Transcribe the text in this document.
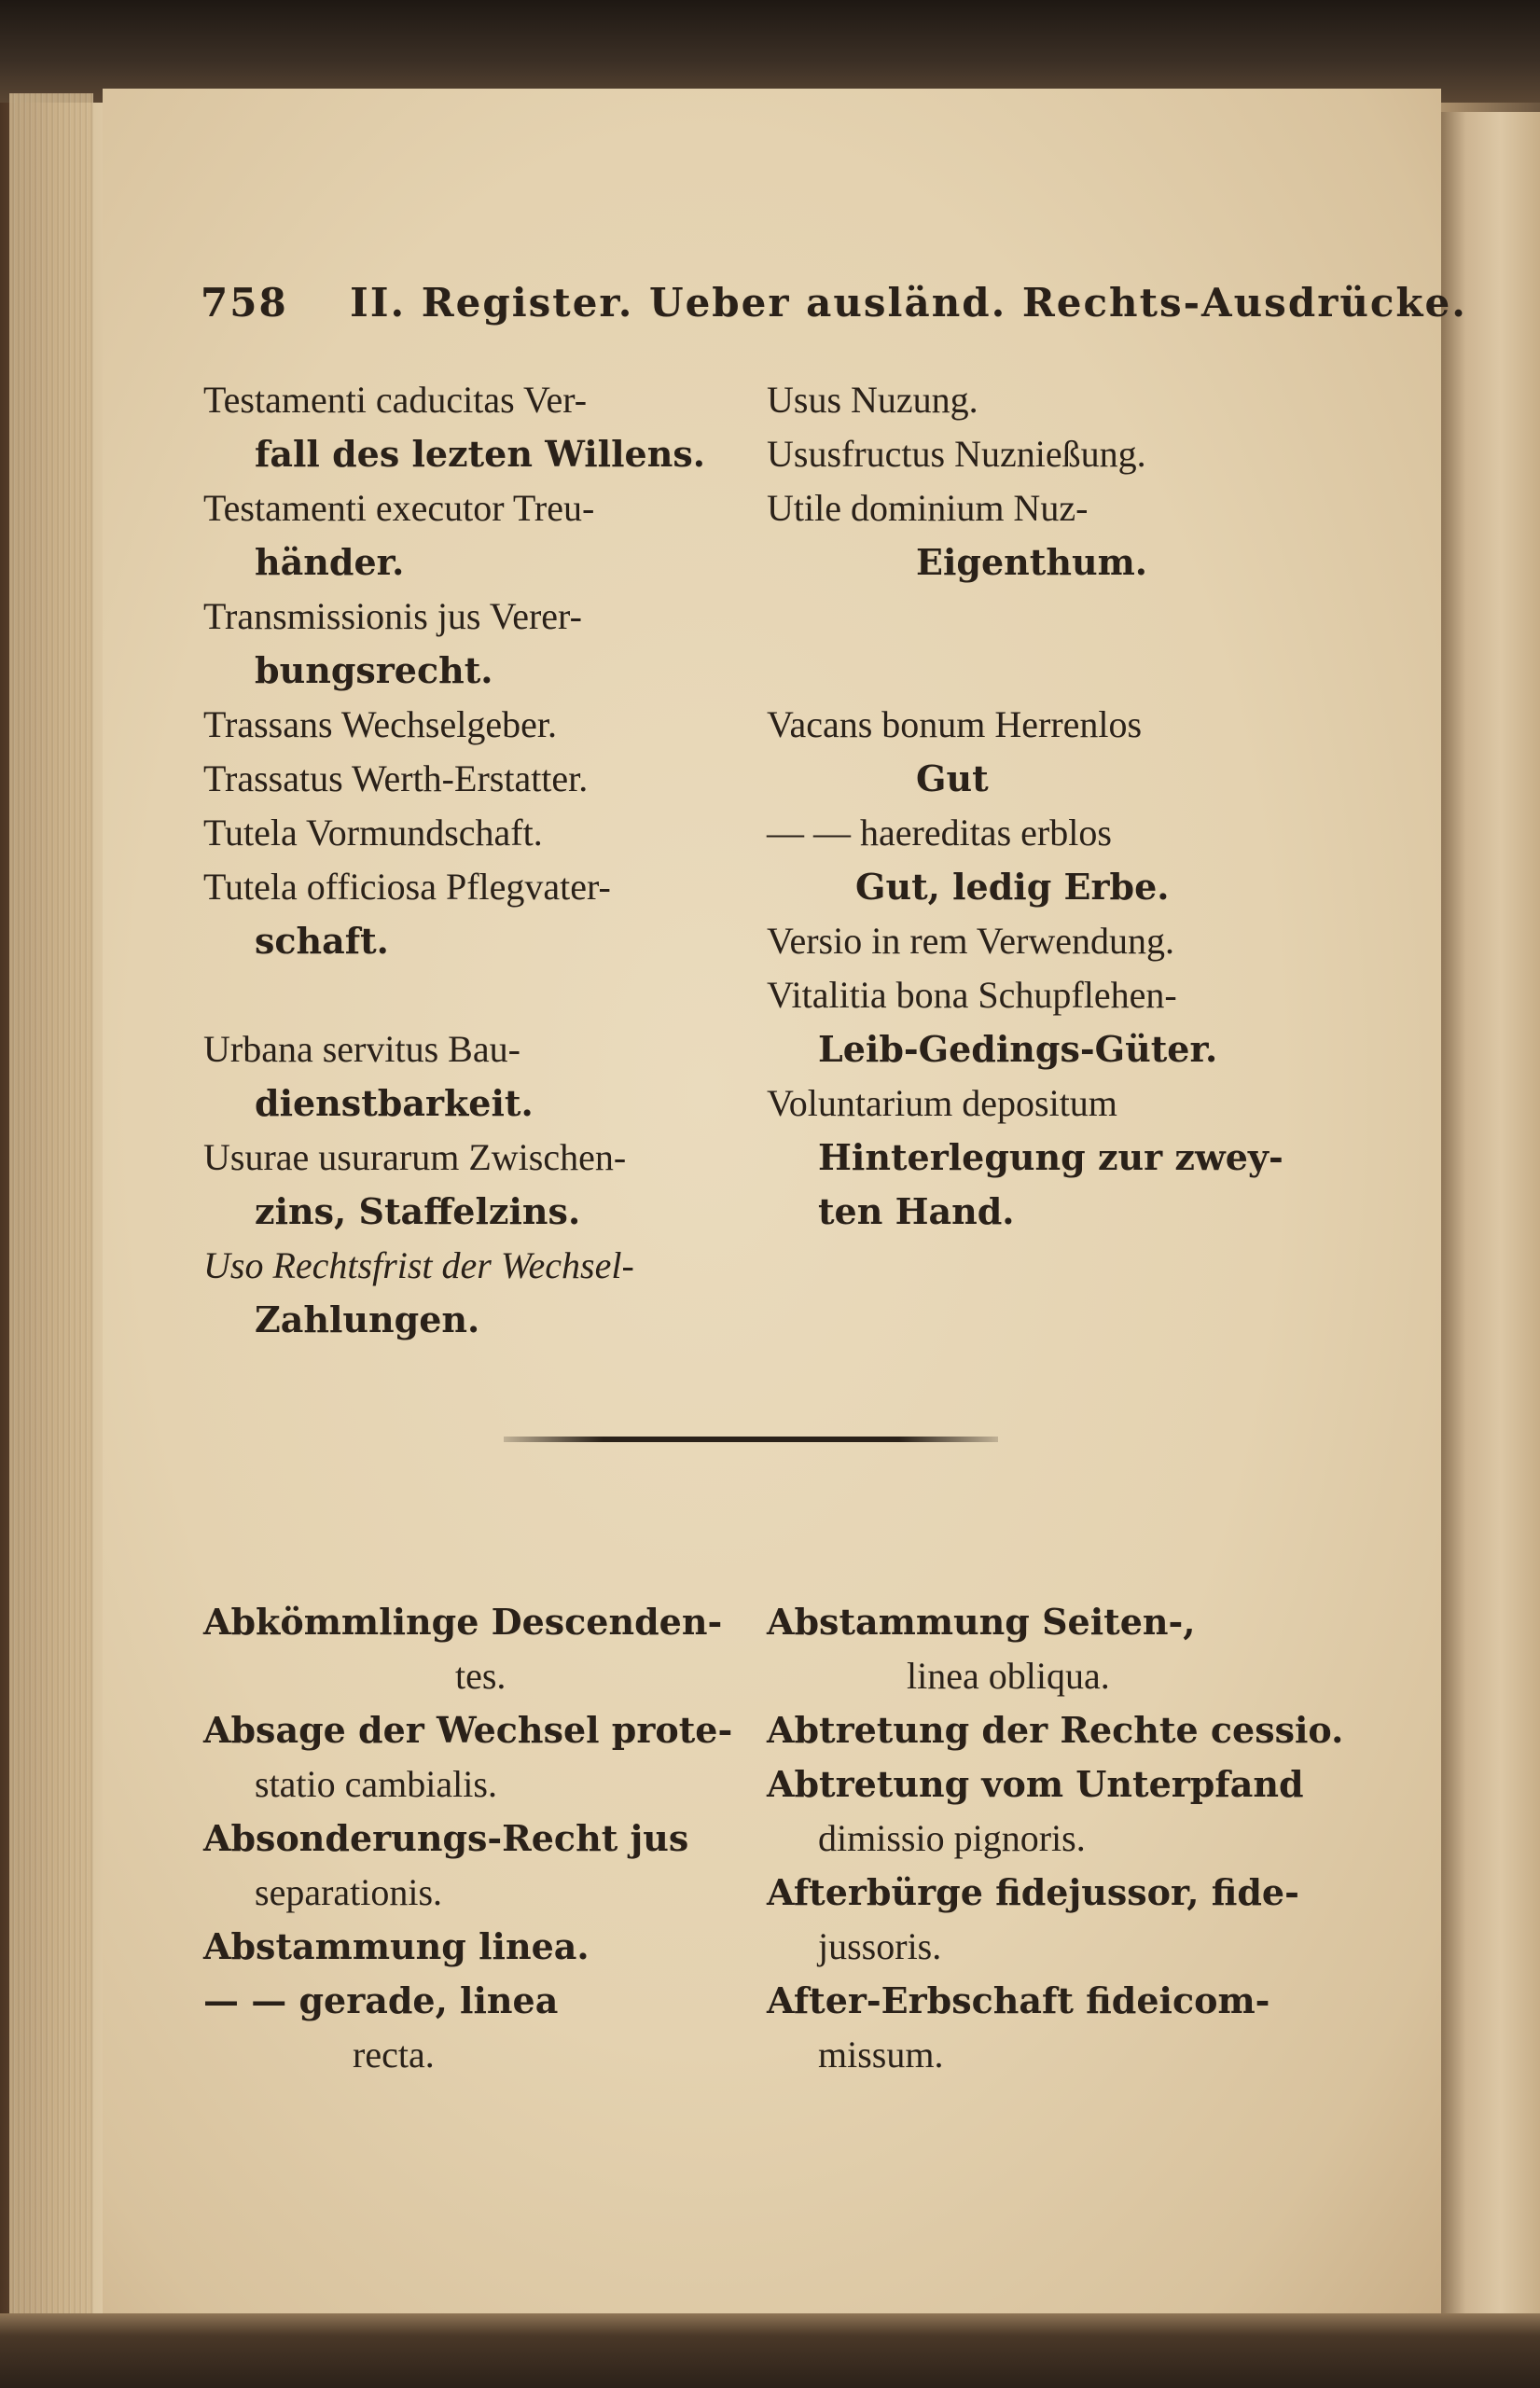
758 II. Register. Ueber ausländ. Rechts-Ausdrücke.
Testamenti caducitas Ver-
fall des lezten Willens.
Testamenti executor Treu-
händer.
Transmissionis jus Verer-
bungsrecht.
Trassans Wechselgeber.
Trassatus Werth-Erstatter.
Tutela Vormundschaft.
Tutela officiosa Pflegvater-
schaft.
Urbana servitus Bau-
dienstbarkeit.
Usurae usurarum Zwischen-
zins, Staffelzins.
Uso Rechtsfrist der Wechsel-
Zahlungen.
Usus Nuzung.
Ususfructus Nuznießung.
Utile dominium Nuz-
Eigenthum.
Vacans bonum Herrenlos
Gut
— — haereditas erblos
Gut, ledig Erbe.
Versio in rem Verwendung.
Vitalitia bona Schupflehen-
Leib-Gedings-Güter.
Voluntarium depositum
Hinterlegung zur zwey-
ten Hand.
Abkömmlinge Descenden-
tes.
Absage der Wechsel prote-
statio cambialis.
Absonderungs-Recht jus
separationis.
Abstammung linea.
— — gerade, linea
recta.
Abstammung Seiten-,
linea obliqua.
Abtretung der Rechte cessio.
Abtretung vom Unterpfand
dimissio pignoris.
Afterbürge fidejussor, fide-
jussoris.
After-Erbschaft fideicom-
missum.
